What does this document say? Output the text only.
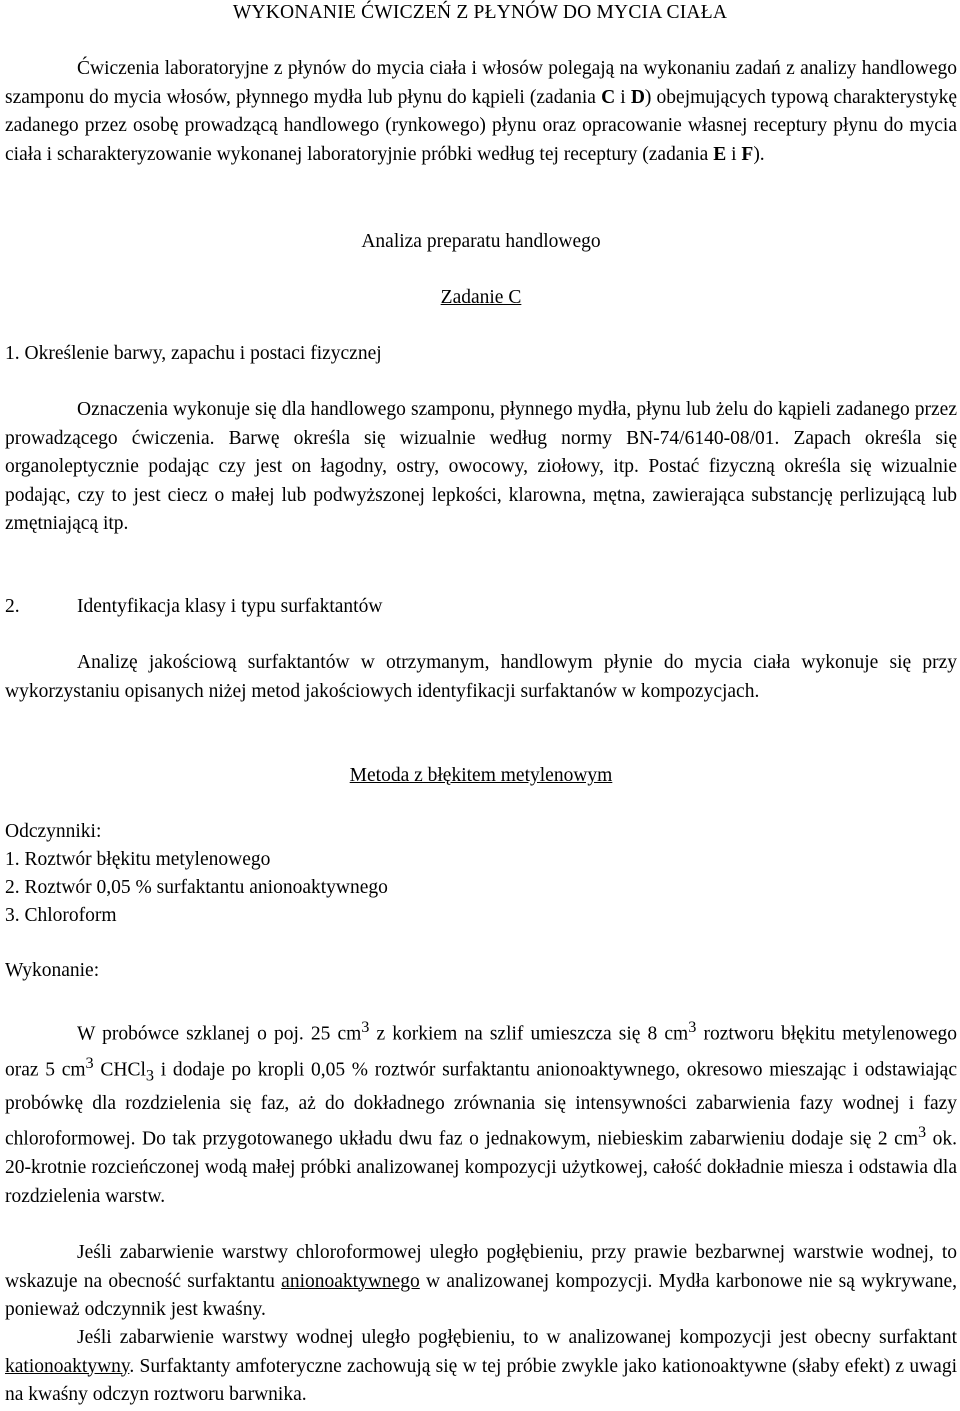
WYKONANIE ĆWICZEŃ Z PŁYNÓW DO MYCIA CIAŁA

Ćwiczenia laboratoryjne z płynów do mycia ciała i włosów polegają na wykonaniu zadań z analizy handlowego szamponu do mycia włosów, płynnego mydła lub płynu do kąpieli (zadania C i D) obejmujących typową charakterystykę zadanego przez osobę prowadzącą handlowego (rynkowego) płynu oraz opracowanie własnej receptury płynu do mycia ciała i scharakteryzowanie wykonanej laboratoryjnie próbki według tej receptury (zadania E i F).

Analiza preparatu handlowego
Zadanie C
1. Określenie barwy, zapachu i postaci fizycznej

Oznaczenia wykonuje się dla handlowego szamponu, płynnego mydła, płynu lub żelu do kąpieli zadanego przez prowadzącego ćwiczenia. Barwę określa się wizualnie według normy BN-74/6140-08/01. Zapach określa się organoleptycznie podając czy jest on łagodny, ostry, owocowy, ziołowy, itp. Postać fizyczną określa się wizualnie podając, czy to jest ciecz o małej lub podwyższonej lepkości, klarowna, mętna, zawierająca substancję perlizującą lub zmętniającą itp.

2.	Identyfikacja klasy i typu surfaktantów

Analizę jakościową surfaktantów w otrzymanym, handlowym płynie do mycia ciała wykonuje się przy wykorzystaniu opisanych niżej metod jakościowych identyfikacji surfaktanów w kompozycjach.

Metoda z błękitem metylenowym
Odczynniki:
1. Roztwór błękitu metylenowego
2. Roztwór 0,05 % surfaktantu anionoaktywnego
3. Chloroform
Wykonanie:

W probówce szklanej o poj. 25 $cm^3$ z korkiem na szlif umieszcza się 8 $cm^3$ roztworu błękitu metylenowego oraz 5 $cm^3$ CHCl$_3$ i dodaje po kropli 0,05 % roztwór surfaktantu anionoaktywnego, okresowo mieszając i odstawiając probówkę dla rozdzielenia się faz, aż do dokładnego zrównania się intensywności zabarwienia fazy wodnej i fazy chloroformowej. Do tak przygotowanego układu dwu faz o jednakowym, niebieskim zabarwieniu dodaje się 2 $cm^3$ ok. 20-krotnie rozcieńczonej wodą małej próbki analizowanej kompozycji użytkowej, całość dokładnie miesza i odstawia dla rozdzielenia warstw.

Jeśli zabarwienie warstwy chloroformowej uległo pogłębieniu, przy prawie bezbarwnej warstwie wodnej, to wskazuje na obecność surfaktantu anionoaktywnego w analizowanej kompozycji. Mydła karbonowe nie są wykrywane, ponieważ odczynnik jest kwaśny.

Jeśli zabarwienie warstwy wodnej uległo pogłębieniu, to w analizowanej kompozycji jest obecny surfaktant kationoaktywny. Surfaktanty amfoteryczne zachowują się w tej próbie zwykle jako kationoaktywne (słaby efekt) z uwagi na kwaśny odczyn roztworu barwnika.
